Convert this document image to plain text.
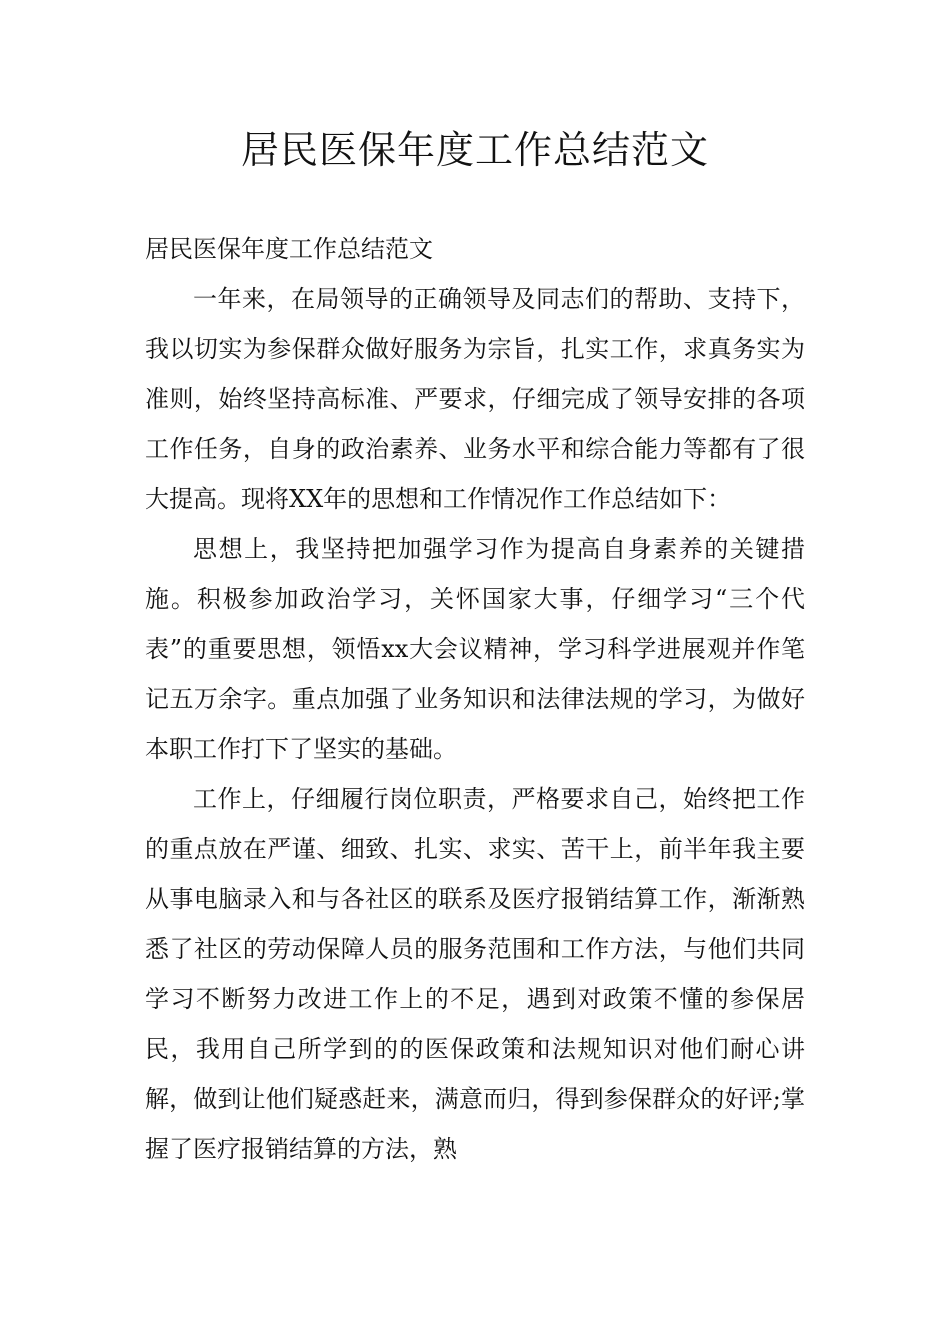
居民医保年度工作总结范文

居民医保年度工作总结范文

一年来，在局领导的正确领导及同志们的帮助、支持下，我以切实为参保群众做好服务为宗旨，扎实工作，求真务实为准则，始终坚持高标准、严要求，仔细完成了领导安排的各项工作任务，自身的政治素养、业务水平和综合能力等都有了很大提高。现将XX年的思想和工作情况作工作总结如下：

思想上，我坚持把加强学习作为提高自身素养的关键措施。积极参加政治学习，关怀国家大事，仔细学习“三个代表”的重要思想，领悟xx大会议精神，学习科学进展观并作笔记五万余字。重点加强了业务知识和法律法规的学习，为做好本职工作打下了坚实的基础。

工作上，仔细履行岗位职责，严格要求自己，始终把工作的重点放在严谨、细致、扎实、求实、苦干上，前半年我主要从事电脑录入和与各社区的联系及医疗报销结算工作，渐渐熟悉了社区的劳动保障人员的服务范围和工作方法，与他们共同学习不断努力改进工作上的不足，遇到对政策不懂的参保居民，我用自己所学到的的医保政策和法规知识对他们耐心讲解，做到让他们疑惑赶来，满意而归，得到参保群众的好评;掌握了医疗报销结算的方法，熟
